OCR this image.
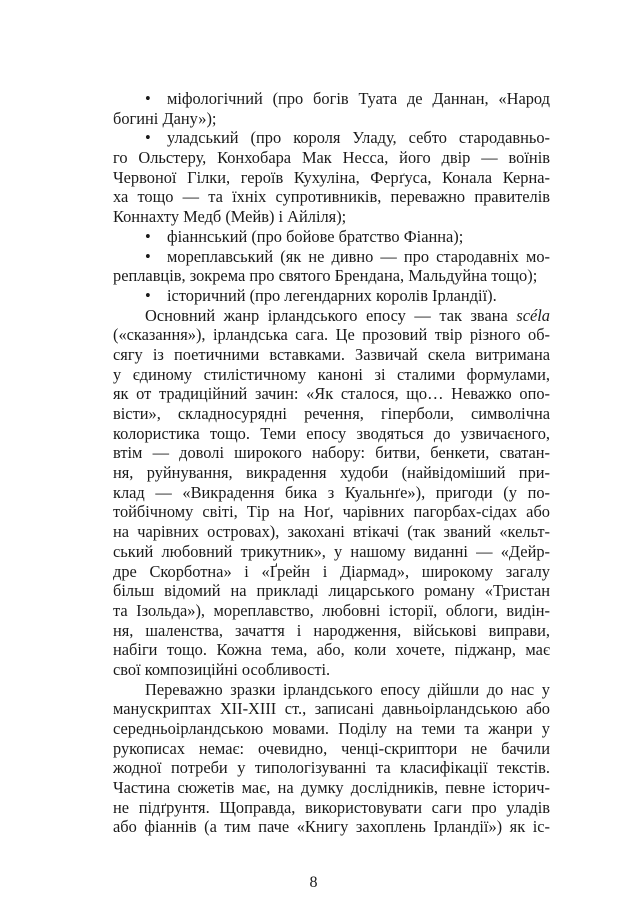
• міфологічний (про богів Туата де Даннан, «Народ
богині Дану»);
• уладський (про короля Уладу, себто стародавньо-
го Ольстеру, Конхобара Мак Несса, його двір — воїнів
Червоної Гілки, героїв Кухуліна, Ферґуса, Конала Керна-
ха тощо — та їхніх супротивників, переважно правителів
Коннахту Медб (Мейв) і Айліля);
• фіаннський (про бойове братство Фіанна);
• мореплавський (як не дивно — про стародавніх мо-
реплавців, зокрема про святого Брендана, Мальдуйна тощо);
• історичний (про легендарних королів Ірландії).
Основний жанр ірландського епосу — так звана scéla
(«сказання»), ірландська сага. Це прозовий твір різного об-
сягу із поетичними вставками. Зазвичай скела витримана
у єдиному стилістичному каноні зі сталими формулами,
як от традиційний зачин: «Як сталося, що… Неважко опо-
вісти», складносурядні речення, гіперболи, символічна
колористика тощо. Теми епосу зводяться до узвичаєного,
втім — доволі широкого набору: битви, бенкети, сватан-
ня, руйнування, викрадення худоби (найвідоміший при-
клад — «Викрадення бика з Куальнґе»), пригоди (у по-
тойбічному світі, Тір на Ноґ, чарівних пагорбах-сідах або
на чарівних островах), закохані втікачі (так званий «кельт-
ський любовний трикутник», у нашому виданні — «Дейр-
дре Скорботна» і «Ґрейн і Діармад», широкому загалу
більш відомий на прикладі лицарського роману «Тристан
та Ізольда»), мореплавство, любовні історії, облоги, видін-
ня, шаленства, зачаття і народження, військові виправи,
набіги тощо. Кожна тема, або, коли хочете, піджанр, має
свої композиційні особливості.
Переважно зразки ірландського епосу дійшли до нас у
манускриптах XII-XIII ст., записані давньоірландською або
середньоірландською мовами. Поділу на теми та жанри у
рукописах немає: очевидно, ченці-скриптори не бачили
жодної потреби у типологізуванні та класифікації текстів.
Частина сюжетів має, на думку дослідників, певне історич-
не підґрунтя. Щоправда, використовувати саги про уладів
або фіаннів (а тим паче «Книгу захоплень Ірландії») як іс-
8
